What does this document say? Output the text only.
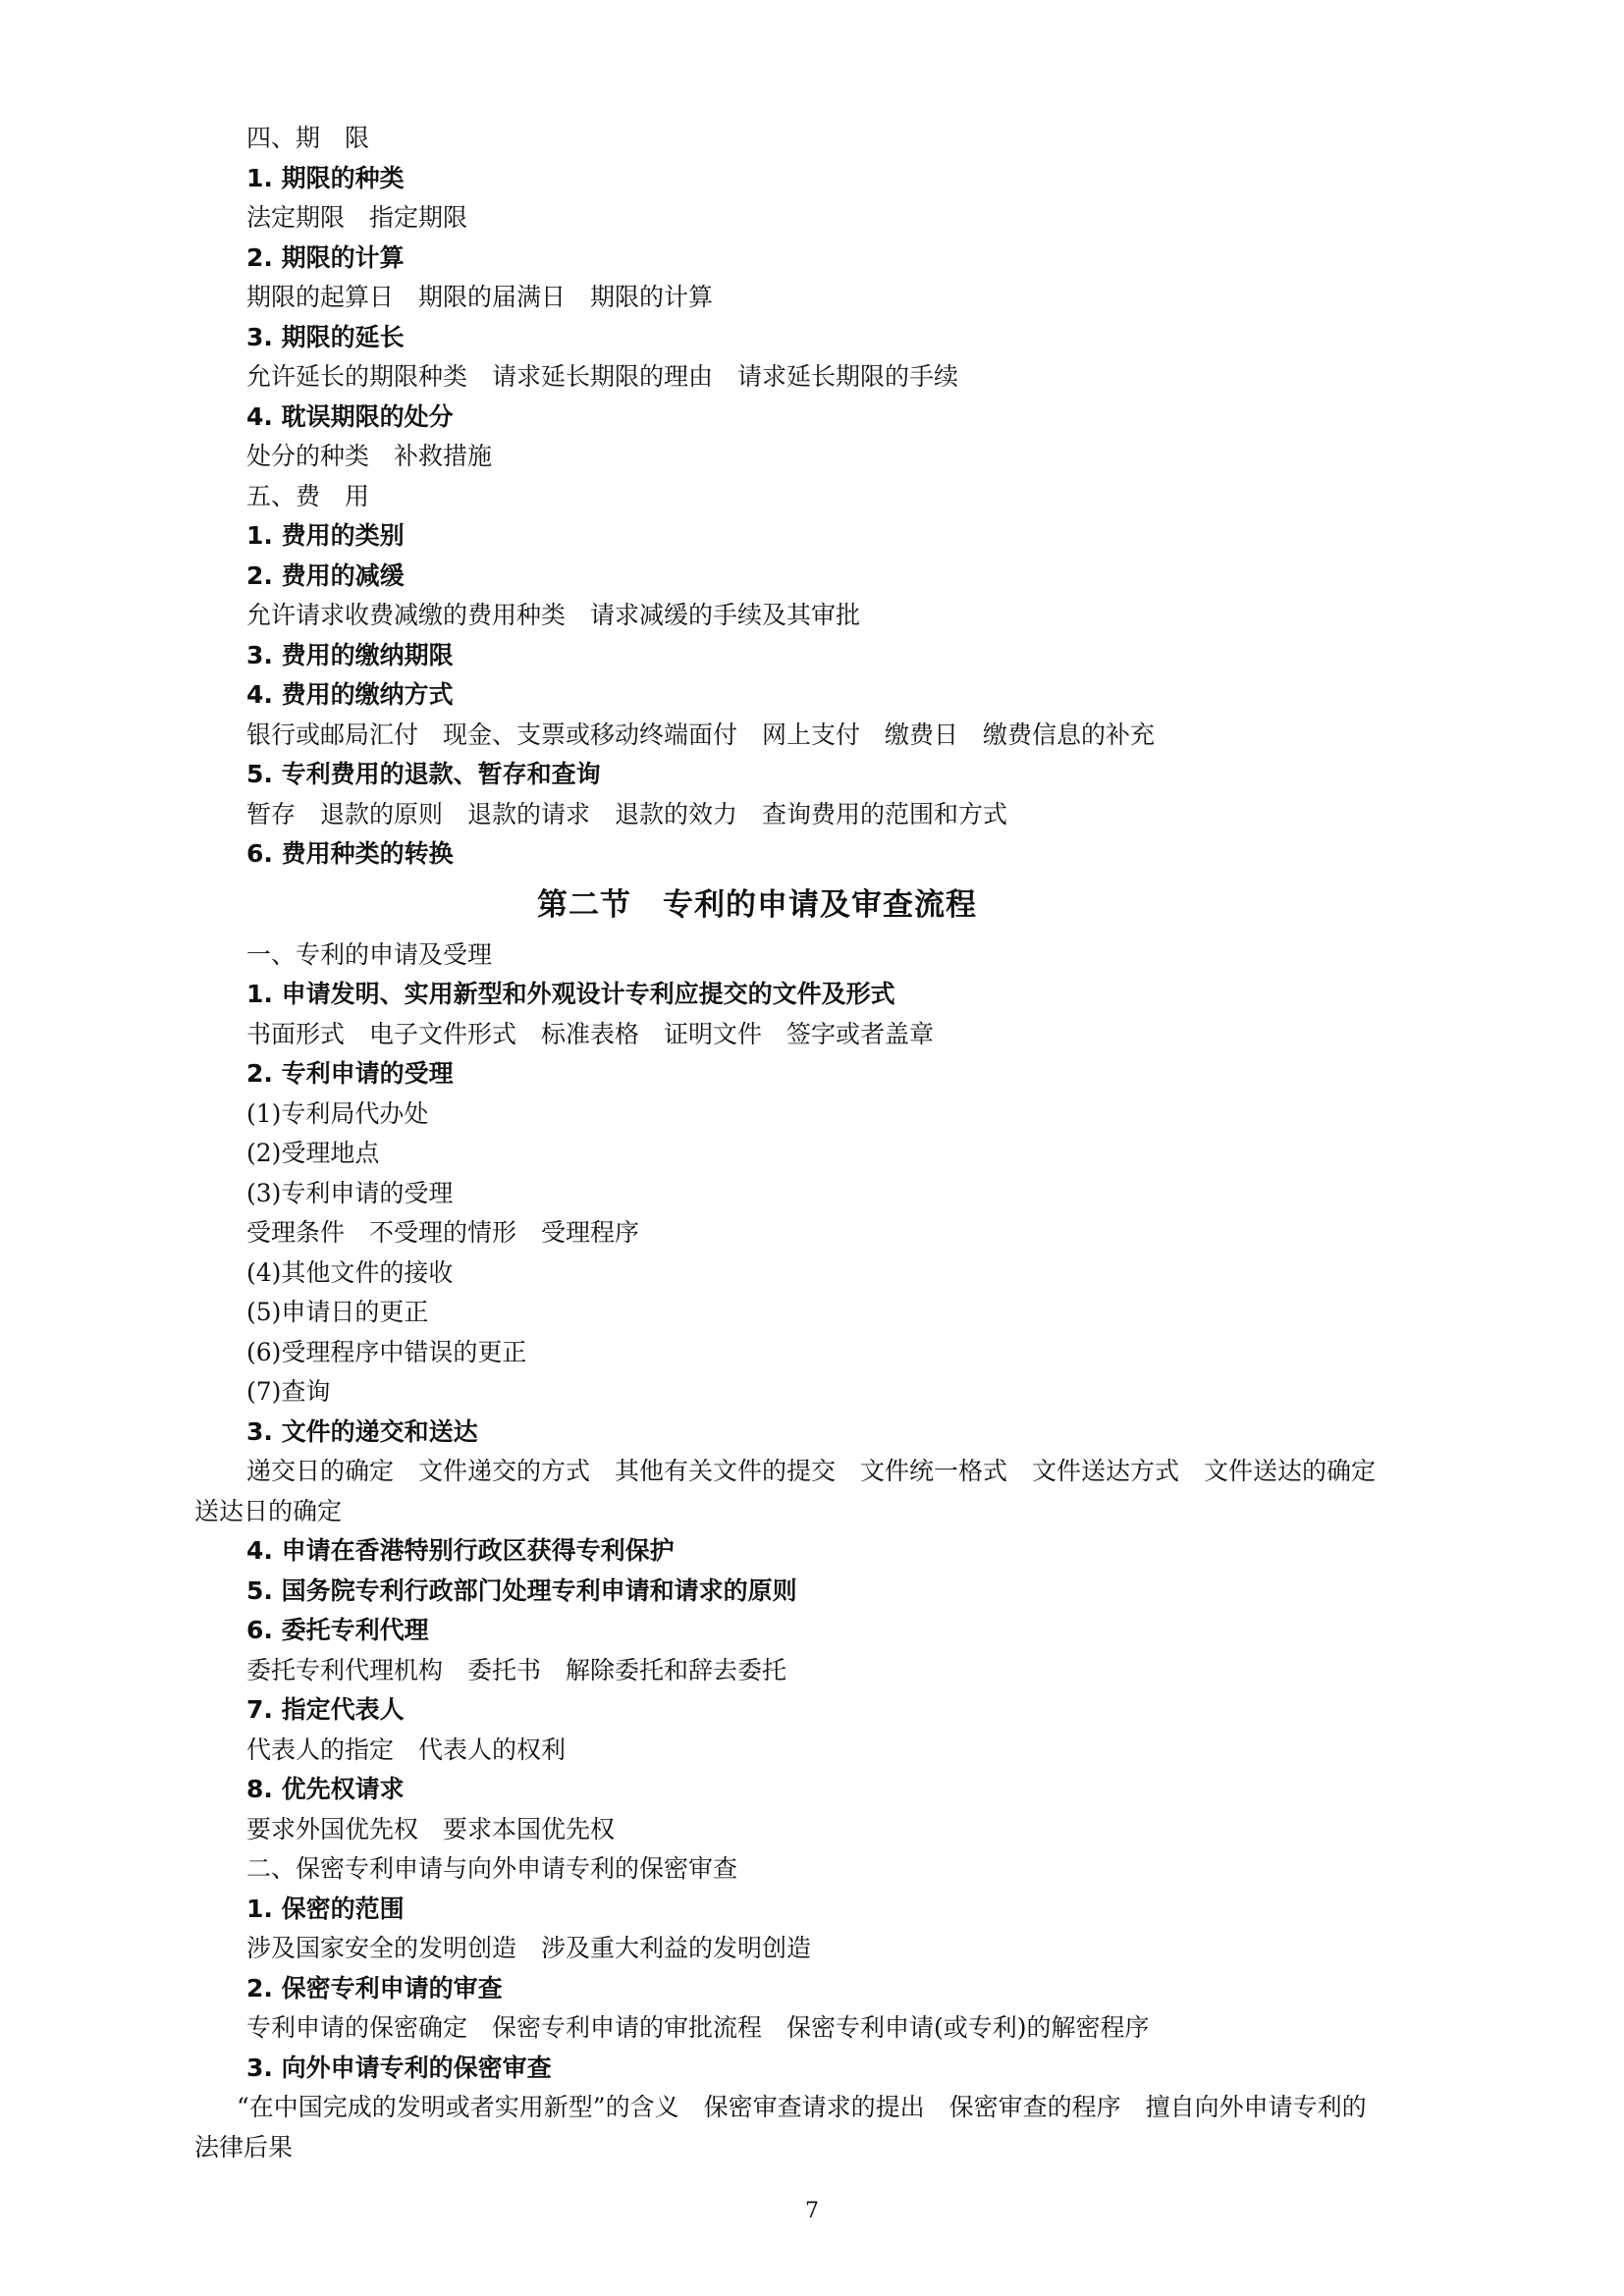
四、期　限
1. 期限的种类
法定期限　指定期限
2. 期限的计算
期限的起算日　期限的届满日　期限的计算
3. 期限的延长
允许延长的期限种类　请求延长期限的理由　请求延长期限的手续
4. 耽误期限的处分
处分的种类　补救措施
五、费　用
1. 费用的类别
2. 费用的减缓
允许请求收费减缴的费用种类　请求减缓的手续及其审批
3. 费用的缴纳期限
4. 费用的缴纳方式
银行或邮局汇付　现金、支票或移动终端面付　网上支付　缴费日　缴费信息的补充
5. 专利费用的退款、暂存和查询
暂存　退款的原则　退款的请求　退款的效力　查询费用的范围和方式
6. 费用种类的转换
第二节　专利的申请及审查流程
一、专利的申请及受理
1. 申请发明、实用新型和外观设计专利应提交的文件及形式
书面形式　电子文件形式　标准表格　证明文件　签字或者盖章
2. 专利申请的受理
(1)专利局代办处
(2)受理地点
(3)专利申请的受理
受理条件　不受理的情形　受理程序
(4)其他文件的接收
(5)申请日的更正
(6)受理程序中错误的更正
(7)查询
3. 文件的递交和送达
递交日的确定　文件递交的方式　其他有关文件的提交　文件统一格式　文件送达方式　文件送达的确定
送达日的确定
4. 申请在香港特别行政区获得专利保护
5. 国务院专利行政部门处理专利申请和请求的原则
6. 委托专利代理
委托专利代理机构　委托书　解除委托和辞去委托
7. 指定代表人
代表人的指定　代表人的权利
8. 优先权请求
要求外国优先权　要求本国优先权
二、保密专利申请与向外申请专利的保密审查
1. 保密的范围
涉及国家安全的发明创造　涉及重大利益的发明创造
2. 保密专利申请的审查
专利申请的保密确定　保密专利申请的审批流程　保密专利申请(或专利)的解密程序
3. 向外申请专利的保密审查
“在中国完成的发明或者实用新型”的含义　保密审查请求的提出　保密审查的程序　擅自向外申请专利的
法律后果
7
